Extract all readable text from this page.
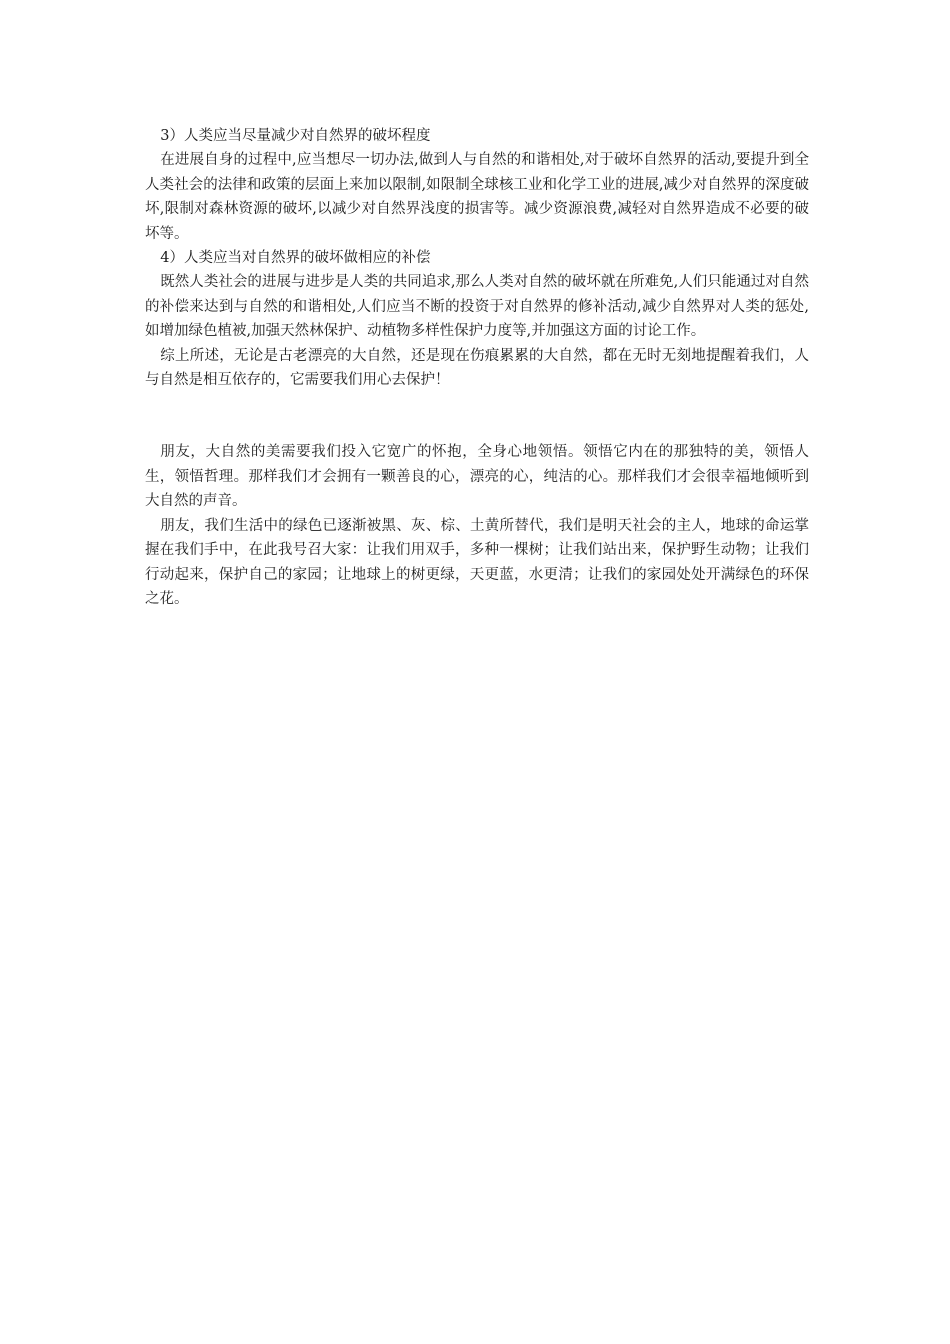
3）人类应当尽量减少对自然界的破坏程度

在进展自身的过程中,应当想尽一切办法,做到人与自然的和谐相处,对于破坏自然界的活动,要提升到全人类社会的法律和政策的层面上来加以限制,如限制全球核工业和化学工业的进展,减少对自然界的深度破坏,限制对森林资源的破坏,以减少对自然界浅度的损害等。减少资源浪费,减轻对自然界造成不必要的破坏等。

4）人类应当对自然界的破坏做相应的补偿

既然人类社会的进展与进步是人类的共同追求,那么人类对自然的破坏就在所难免,人们只能通过对自然的补偿来达到与自然的和谐相处,人们应当不断的投资于对自然界的修补活动,减少自然界对人类的惩处,如增加绿色植被,加强天然林保护、动植物多样性保护力度等,并加强这方面的讨论工作。

综上所述，无论是古老漂亮的大自然，还是现在伤痕累累的大自然，都在无时无刻地提醒着我们，人与自然是相互依存的，它需要我们用心去保护！

朋友，大自然的美需要我们投入它宽广的怀抱，全身心地领悟。领悟它内在的那独特的美，领悟人生，领悟哲理。那样我们才会拥有一颗善良的心，漂亮的心，纯洁的心。那样我们才会很幸福地倾听到大自然的声音。

朋友，我们生活中的绿色已逐渐被黑、灰、棕、土黄所替代，我们是明天社会的主人，地球的命运掌握在我们手中，在此我号召大家：让我们用双手，多种一棵树；让我们站出来，保护野生动物；让我们行动起来，保护自己的家园；让地球上的树更绿，天更蓝，水更清；让我们的家园处处开满绿色的环保之花。
